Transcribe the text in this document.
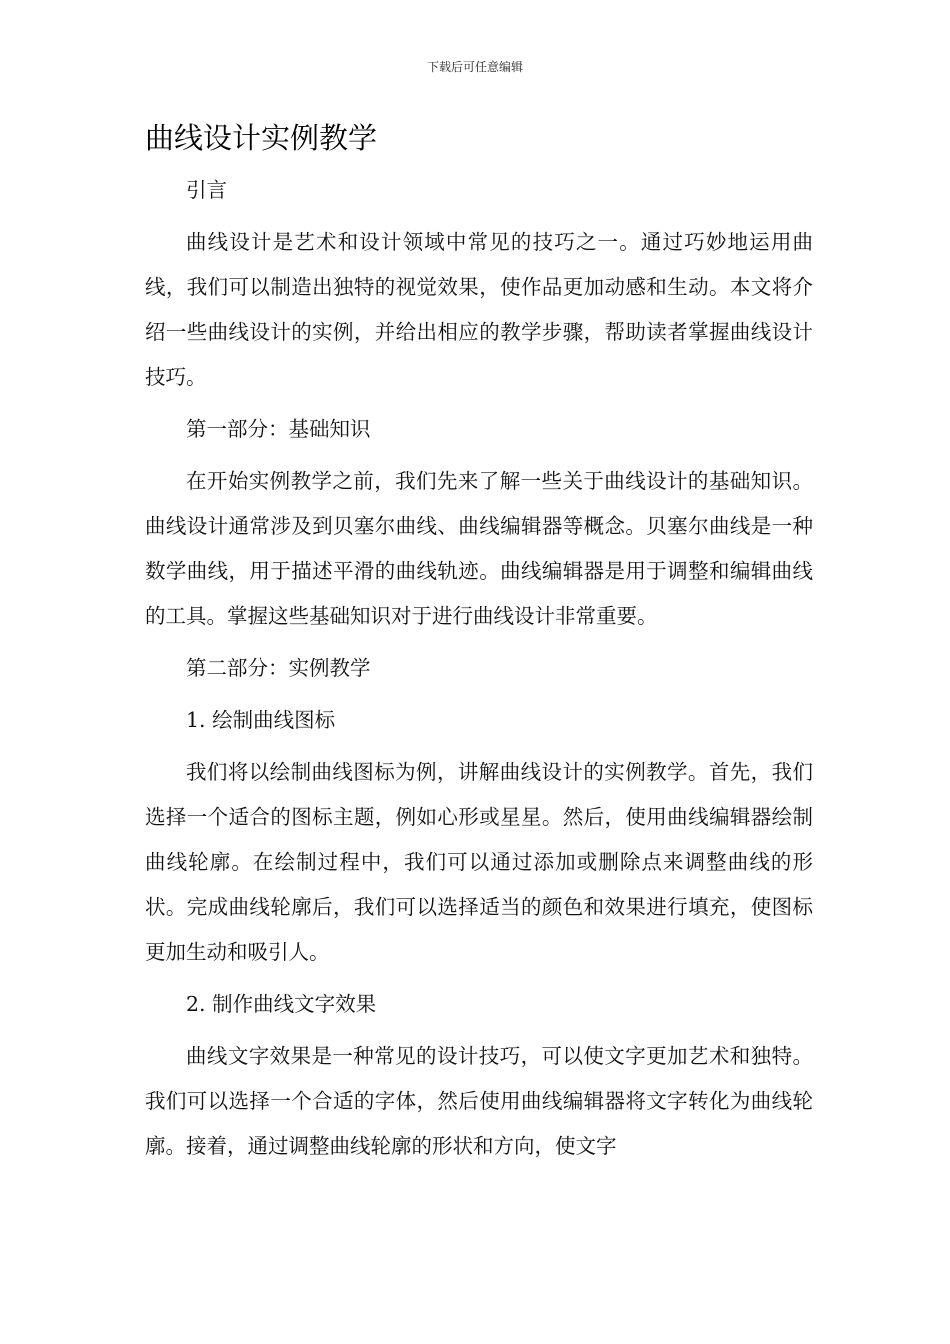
下载后可任意编辑
曲线设计实例教学

引言

曲线设计是艺术和设计领域中常见的技巧之一。通过巧妙地运用曲线，我们可以制造出独特的视觉效果，使作品更加动感和生动。本文将介绍一些曲线设计的实例，并给出相应的教学步骤，帮助读者掌握曲线设计技巧。

第一部分：基础知识

在开始实例教学之前，我们先来了解一些关于曲线设计的基础知识。曲线设计通常涉及到贝塞尔曲线、曲线编辑器等概念。贝塞尔曲线是一种数学曲线，用于描述平滑的曲线轨迹。曲线编辑器是用于调整和编辑曲线的工具。掌握这些基础知识对于进行曲线设计非常重要。

第二部分：实例教学

1. 绘制曲线图标

我们将以绘制曲线图标为例，讲解曲线设计的实例教学。首先，我们选择一个适合的图标主题，例如心形或星星。然后，使用曲线编辑器绘制曲线轮廓。在绘制过程中，我们可以通过添加或删除点来调整曲线的形状。完成曲线轮廓后，我们可以选择适当的颜色和效果进行填充，使图标更加生动和吸引人。

2. 制作曲线文字效果

曲线文字效果是一种常见的设计技巧，可以使文字更加艺术和独特。我们可以选择一个合适的字体，然后使用曲线编辑器将文字转化为曲线轮廓。接着，通过调整曲线轮廓的形状和方向，使文字
